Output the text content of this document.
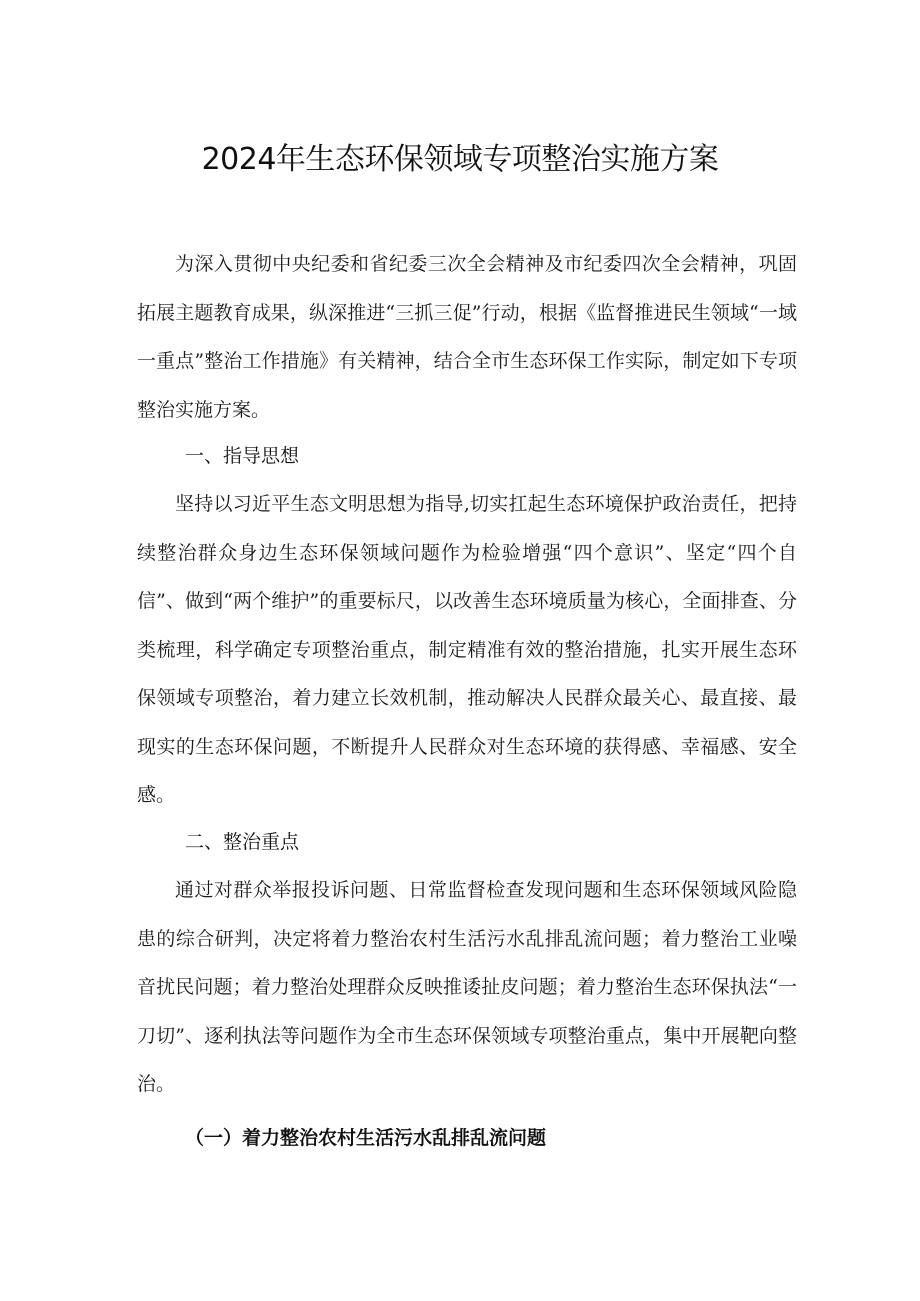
2024年生态环保领域专项整治实施方案

为深入贯彻中央纪委和省纪委三次全会精神及市纪委四次全会精神，巩固拓展主题教育成果，纵深推进“三抓三促”行动，根据《监督推进民生领域“一域一重点”整治工作措施》有关精神，结合全市生态环保工作实际，制定如下专项整治实施方案。

一、指导思想

坚持以习近平生态文明思想为指导,切实扛起生态环境保护政治责任，把持续整治群众身边生态环保领域问题作为检验增强“四个意识”、坚定“四个自信”、做到“两个维护”的重要标尺，以改善生态环境质量为核心，全面排查、分类梳理，科学确定专项整治重点，制定精准有效的整治措施，扎实开展生态环保领域专项整治，着力建立长效机制，推动解决人民群众最关心、最直接、最现实的生态环保问题，不断提升人民群众对生态环境的获得感、幸福感、安全感。

二、整治重点

通过对群众举报投诉问题、日常监督检查发现问题和生态环保领域风险隐患的综合研判，决定将着力整治农村生活污水乱排乱流问题；着力整治工业噪音扰民问题；着力整治处理群众反映推诿扯皮问题；着力整治生态环保执法“一刀切”、逐利执法等问题作为全市生态环保领域专项整治重点，集中开展靶向整治。

（一）着力整治农村生活污水乱排乱流问题
